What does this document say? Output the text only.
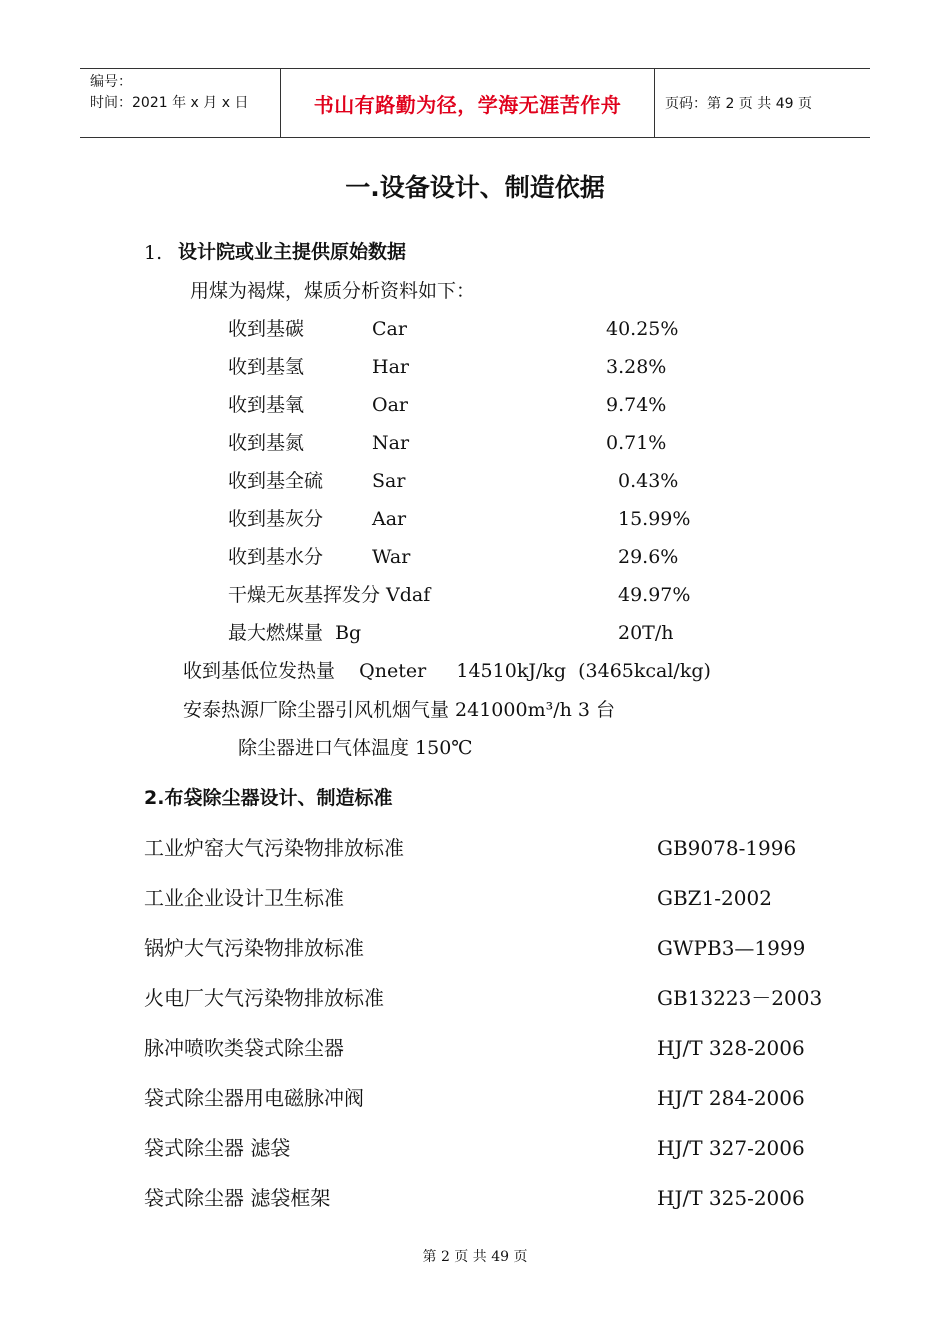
编号：
时间：2021 年 x 月 x 日	书山有路勤为径，学海无涯苦作舟	页码：第 2 页 共 49 页
一.设备设计、制造依据
1. 设计院或业主提供原始数据
用煤为褐煤，煤质分析资料如下：
收到基碳	Car	40.25%
收到基氢	Har	3.28%
收到基氧	Oar	9.74%
收到基氮	Nar	0.71%
收到基全硫	Sar	0.43%
收到基灰分	Aar	15.99%
收到基水分	War	29.6%
干燥无灰基挥发分 Vdaf	49.97%
最大燃煤量  Bg	20T/h
收到基低位发热量    Qneter     14510kJ/kg  (3465kcal/kg)
安泰热源厂除尘器引风机烟气量 241000m³/h 3 台
除尘器进口气体温度 150℃
2.布袋除尘器设计、制造标准
工业炉窑大气污染物排放标准	GB9078-1996
工业企业设计卫生标准	GBZ1-2002
锅炉大气污染物排放标准	GWPB3—1999
火电厂大气污染物排放标准	GB13223－2003
脉冲喷吹类袋式除尘器	HJ/T 328-2006
袋式除尘器用电磁脉冲阀	HJ/T 284-2006
袋式除尘器 滤袋	HJ/T 327-2006
袋式除尘器 滤袋框架	HJ/T 325-2006
第 2 页 共 49 页
